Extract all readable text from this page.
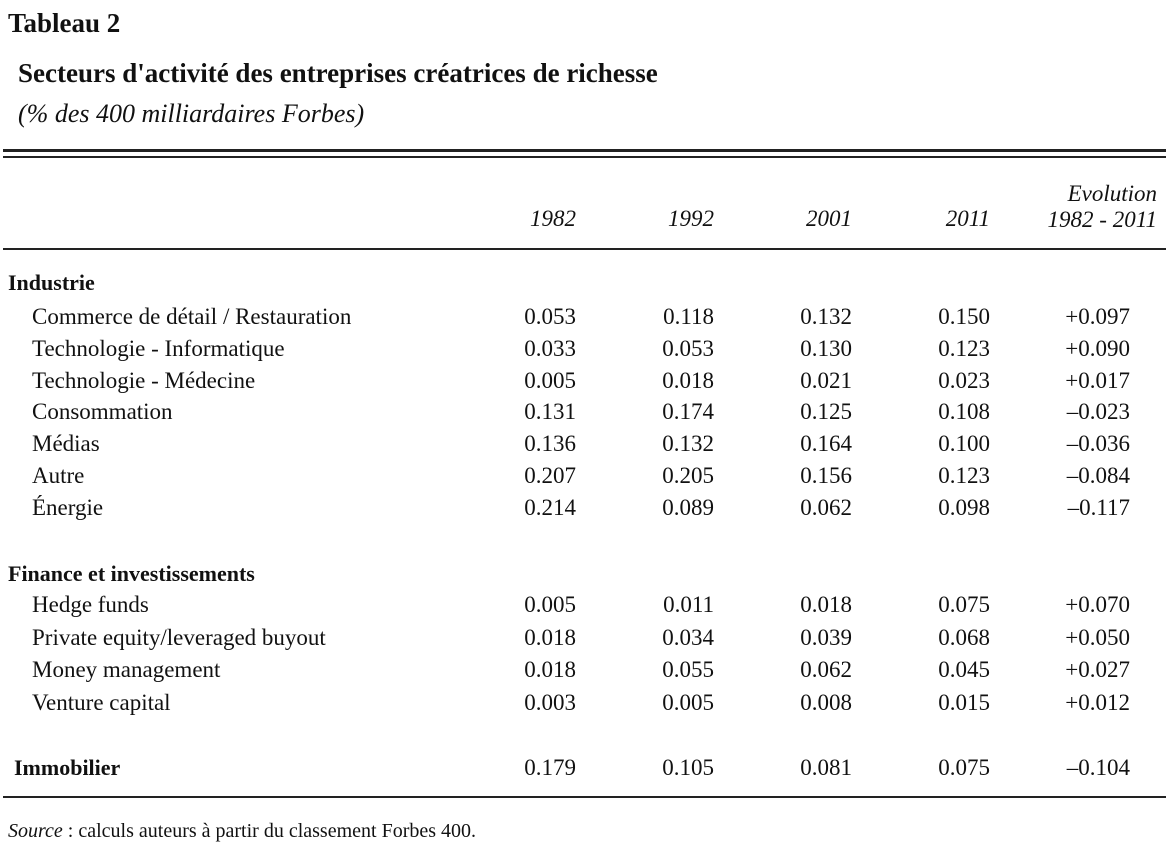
Tableau 2
Secteurs d'activité des entreprises créatrices de richesse
(% des 400 milliardaires Forbes)
1982	1992	2001	2011
Evolution
1982 - 2011
Industrie
Commerce de détail / Restauration	0.053	0.118	0.132	0.150	+0.097
Technologie - Informatique	0.033	0.053	0.130	0.123	+0.090
Technologie - Médecine	0.005	0.018	0.021	0.023	+0.017
Consommation	0.131	0.174	0.125	0.108	–0.023
Médias	0.136	0.132	0.164	0.100	–0.036
Autre	0.207	0.205	0.156	0.123	–0.084
Énergie	0.214	0.089	0.062	0.098	–0.117
Finance et investissements
Hedge funds	0.005	0.011	0.018	0.075	+0.070
Private equity/leveraged buyout	0.018	0.034	0.039	0.068	+0.050
Money management	0.018	0.055	0.062	0.045	+0.027
Venture capital	0.003	0.005	0.008	0.015	+0.012
Immobilier	0.179	0.105	0.081	0.075	–0.104
Source : calculs auteurs à partir du classement Forbes 400.
